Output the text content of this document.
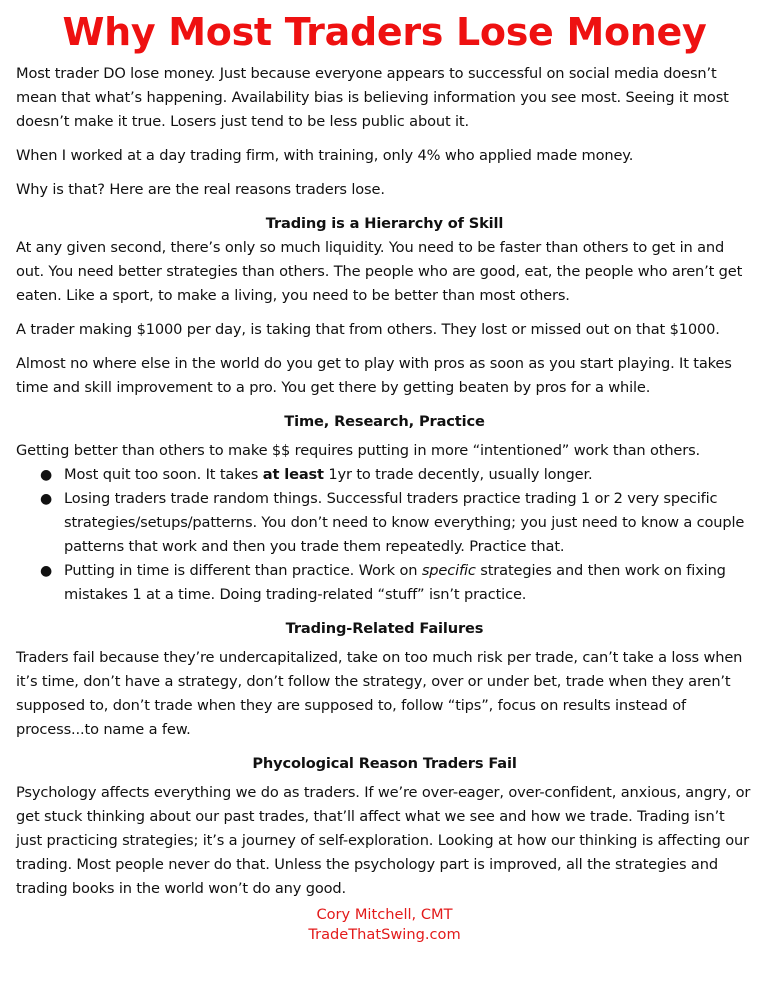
Why Most Traders Lose Money

Most trader DO lose money. Just because everyone appears to successful on social media doesn’t mean that what’s happening. Availability bias is believing information you see most. Seeing it most doesn’t make it true. Losers just tend to be less public about it.

When I worked at a day trading firm, with training, only 4% who applied made money.

Why is that? Here are the real reasons traders lose.

Trading is a Hierarchy of Skill

At any given second, there’s only so much liquidity. You need to be faster than others to get in and out. You need better strategies than others. The people who are good, eat, the people who aren’t get eaten. Like a sport, to make a living, you need to be better than most others.

A trader making $1000 per day, is taking that from others. They lost or missed out on that $1000.

Almost no where else in the world do you get to play with pros as soon as you start playing. It takes time and skill improvement to a pro. You get there by getting beaten by pros for a while.

Time, Research, Practice

Getting better than others to make $$ requires putting in more “intentioned” work than others.

● Most quit too soon. It takes at least 1yr to trade decently, usually longer.
● Losing traders trade random things. Successful traders practice trading 1 or 2 very specific strategies/setups/patterns. You don’t need to know everything; you just need to know a couple patterns that work and then you trade them repeatedly. Practice that.
● Putting in time is different than practice. Work on specific strategies and then work on fixing mistakes 1 at a time. Doing trading-related “stuff” isn’t practice.
Trading-Related Failures

Traders fail because they’re undercapitalized, take on too much risk per trade, can’t take a loss when it’s time, don’t have a strategy, don’t follow the strategy, over or under bet, trade when they aren’t supposed to, don’t trade when they are supposed to, follow “tips”, focus on results instead of process...to name a few.

Phycological Reason Traders Fail

Psychology affects everything we do as traders. If we’re over-eager, over-confident, anxious, angry, or get stuck thinking about our past trades, that’ll affect what we see and how we trade. Trading isn’t just practicing strategies; it’s a journey of self-exploration. Looking at how our thinking is affecting our trading. Most people never do that. Unless the psychology part is improved, all the strategies and trading books in the world won’t do any good.

Cory Mitchell, CMT
TradeThatSwing.com
